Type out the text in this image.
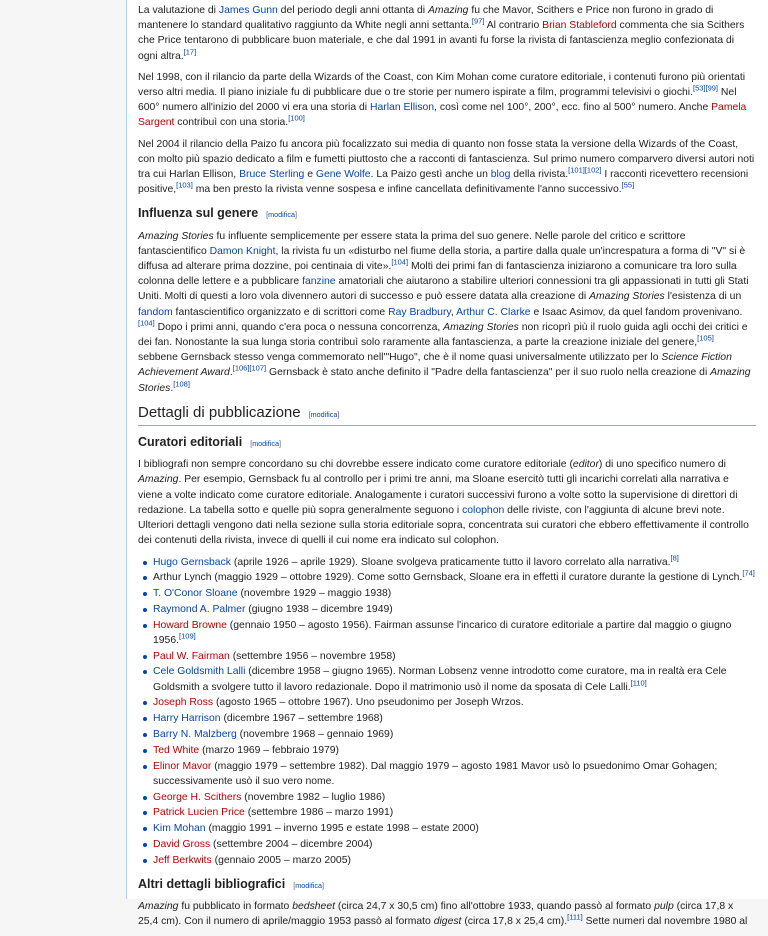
La valutazione di James Gunn del periodo degli anni ottanta di Amazing fu che Mavor, Scithers e Price non furono in grado di mantenere lo standard qualitativo raggiunto da White negli anni settanta.[97] Al contrario Brian Stableford commenta che sia Scithers che Price tentarono di pubblicare buon materiale, e che dal 1991 in avanti fu forse la rivista di fantascienza meglio confezionata di ogni altra.[17]

Nel 1998, con il rilancio da parte della Wizards of the Coast, con Kim Mohan come curatore editoriale, i contenuti furono più orientati verso altri media. Il piano iniziale fu di pubblicare due o tre storie per numero ispirate a film, programmi televisivi o giochi.[53][99] Nel 600° numero all'inizio del 2000 vi era una storia di Harlan Ellison, così come nel 100°, 200°, ecc. fino al 500° numero. Anche Pamela Sargent contribuì con una storia.[100]

Nel 2004 il rilancio della Paizo fu ancora più focalizzato sui media di quanto non fosse stata la versione della Wizards of the Coast, con molto più spazio dedicato a film e fumetti piuttosto che a racconti di fantascienza. Sul primo numero comparvero diversi autori noti tra cui Harlan Ellison, Bruce Sterling e Gene Wolfe. La Paizo gestì anche un blog della rivista.[101][102] I racconti ricevettero recensioni positive,[103] ma ben presto la rivista venne sospesa e infine cancellata definitivamente l'anno successivo.[55]

Influenza sul genere [modifica]

Amazing Stories fu influente semplicemente per essere stata la prima del suo genere. Nelle parole del critico e scrittore fantascientifico Damon Knight, la rivista fu un «disturbo nel fiume della storia, a partire dalla quale un'increspatura a forma di "V" si è diffusa ad alterare prima dozzine, poi centinaia di vite».[104] Molti dei primi fan di fantascienza iniziarono a comunicare tra loro sulla colonna delle lettere e a pubblicare fanzine amatoriali che aiutarono a stabilire ulteriori connessioni tra gli appassionati in tutti gli Stati Uniti. Molti di questi a loro vola divennero autori di successo e può essere datata alla creazione di Amazing Stories l'esistenza di un fandom fantascientifico organizzato e di scrittori come Ray Bradbury, Arthur C. Clarke e Isaac Asimov, da quel fandom provenivano.[104] Dopo i primi anni, quando c'era poca o nessuna concorrenza, Amazing Stories non ricoprì più il ruolo guida agli occhi dei critici e dei fan. Nonostante la sua lunga storia contribuì solo raramente alla fantascienza, a parte la creazione iniziale del genere,[105] sebbene Gernsback stesso venga commemorato nell'"Hugo", che è il nome quasi universalmente utilizzato per lo Science Fiction Achievement Award.[106][107] Gernsback è stato anche definito il "Padre della fantascienza" per il suo ruolo nella creazione di Amazing Stories.[108]

Dettagli di pubblicazione [modifica]
Curatori editoriali [modifica]

I bibliografi non sempre concordano su chi dovrebbe essere indicato come curatore editoriale (editor) di uno specifico numero di Amazing. Per esempio, Gernsback fu al controllo per i primi tre anni, ma Sloane esercitò tutti gli incarichi correlati alla narrativa e viene a volte indicato come curatore editoriale. Analogamente i curatori successivi furono a volte sotto la supervisione di direttori di redazione. La tabella sotto e quelle più sopra generalmente seguono i colophon delle riviste, con l'aggiunta di alcune brevi note. Ulteriori dettagli vengono dati nella sezione sulla storia editoriale sopra, concentrata sui curatori che ebbero effettivamente il controllo dei contenuti della rivista, invece di quelli il cui nome era indicato sul colophon.

Hugo Gernsback (aprile 1926 – aprile 1929). Sloane svolgeva praticamente tutto il lavoro correlato alla narrativa.[8]
Arthur Lynch (maggio 1929 – ottobre 1929). Come sotto Gernsback, Sloane era in effetti il curatore durante la gestione di Lynch.[74]
T. O'Conor Sloane (novembre 1929 – maggio 1938)
Raymond A. Palmer (giugno 1938 – dicembre 1949)
Howard Browne (gennaio 1950 – agosto 1956). Fairman assunse l'incarico di curatore editoriale a partire dal maggio o giugno 1956.[109]
Paul W. Fairman (settembre 1956 – novembre 1958)
Cele Goldsmith Lalli (dicembre 1958 – giugno 1965). Norman Lobsenz venne introdotto come curatore, ma in realtà era Cele Goldsmith a svolgere tutto il lavoro redazionale. Dopo il matrimonio usò il nome da sposata di Cele Lalli.[110]
Joseph Ross (agosto 1965 – ottobre 1967). Uno pseudonimo per Joseph Wrzos.
Harry Harrison (dicembre 1967 – settembre 1968)
Barry N. Malzberg (novembre 1968 – gennaio 1969)
Ted White (marzo 1969 – febbraio 1979)
Elinor Mavor (maggio 1979 – settembre 1982). Dal maggio 1979 – agosto 1981 Mavor usò lo psuedonimo Omar Gohagen; successivamente usò il suo vero nome.
George H. Scithers (novembre 1982 – luglio 1986)
Patrick Lucien Price (settembre 1986 – marzo 1991)
Kim Mohan (maggio 1991 – inverno 1995 e estate 1998 – estate 2000)
David Gross (settembre 2004 – dicembre 2004)
Jeff Berkwits (gennaio 2005 – marzo 2005)
Altri dettagli bibliografici [modifica]

Amazing fu pubblicato in formato bedsheet (circa 24,7 x 30,5 cm) fino all'ottobre 1933, quando passò al formato pulp (circa 17,8 x 25,4 cm). Con il numero di aprile/maggio 1953 passò al formato digest (circa 17,8 x 25,4 cm).[111] Sette numeri dal novembre 1980 al
